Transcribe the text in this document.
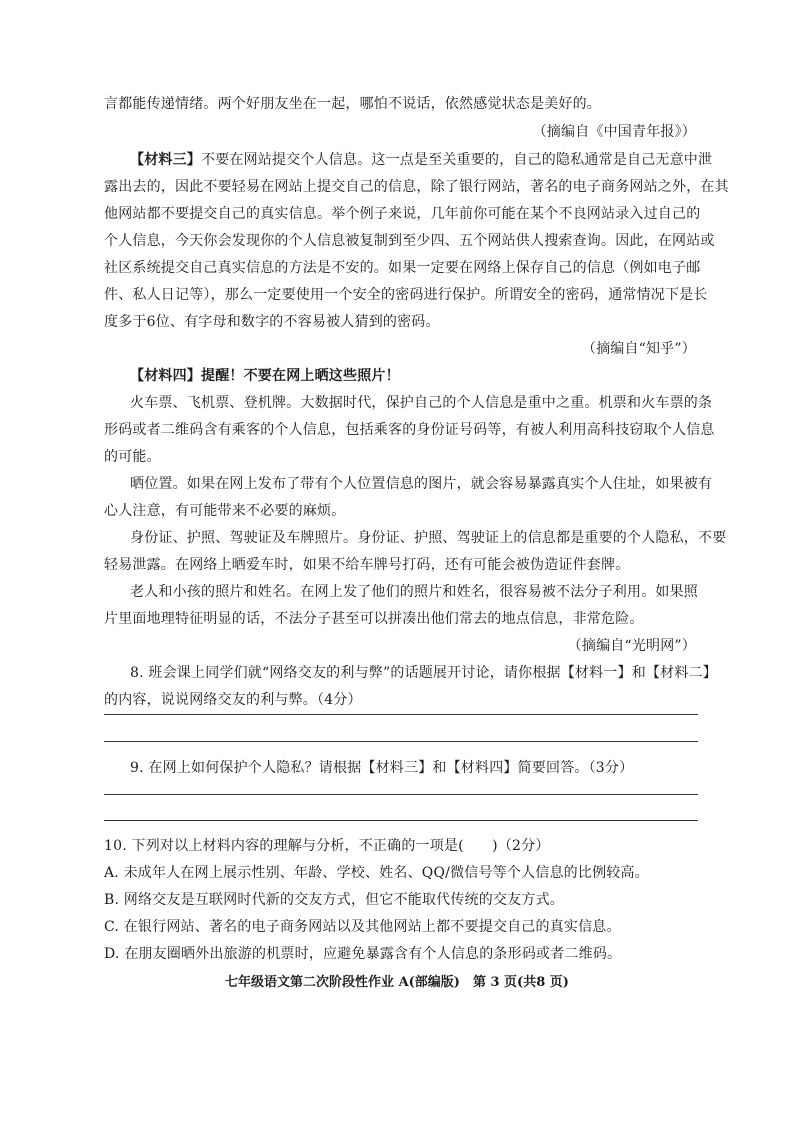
言都能传递情绪。两个好朋友坐在一起，哪怕不说话，依然感觉状态是美好的。
（摘编自《中国青年报》）
【材料三】不要在网站提交个人信息。这一点是至关重要的，自己的隐私通常是自己无意中泄
露出去的，因此不要轻易在网站上提交自己的信息，除了银行网站，著名的电子商务网站之外，在其
他网站都不要提交自己的真实信息。举个例子来说，几年前你可能在某个不良网站录入过自己的
个人信息，今天你会发现你的个人信息被复制到至少四、五个网站供人搜索查询。因此，在网站或
社区系统提交自己真实信息的方法是不安的。如果一定要在网络上保存自己的信息（例如电子邮
件、私人日记等），那么一定要使用一个安全的密码进行保护。所谓安全的密码，通常情况下是长
度多于6位、有字母和数字的不容易被人猜到的密码。
（摘编自“知乎”）
【材料四】提醒！不要在网上晒这些照片！
火车票、飞机票、登机牌。大数据时代，保护自己的个人信息是重中之重。机票和火车票的条
形码或者二维码含有乘客的个人信息，包括乘客的身份证号码等，有被人利用高科技窃取个人信息
的可能。
晒位置。如果在网上发布了带有个人位置信息的图片，就会容易暴露真实个人住址，如果被有
心人注意，有可能带来不必要的麻烦。
身份证、护照、驾驶证及车牌照片。身份证、护照、驾驶证上的信息都是重要的个人隐私，不要
轻易泄露。在网络上晒爱车时，如果不给车牌号打码，还有可能会被伪造证件套牌。
老人和小孩的照片和姓名。在网上发了他们的照片和姓名，很容易被不法分子利用。如果照
片里面地理特征明显的话，不法分子甚至可以拼凑出他们常去的地点信息，非常危险。
（摘编自“光明网”）
8. 班会课上同学们就“网络交友的利与弊”的话题展开讨论，请你根据【材料一】和【材料二】
的内容，说说网络交友的利与弊。（4分）
9. 在网上如何保护个人隐私？请根据【材料三】和【材料四】简要回答。（3分）
10. 下列对以上材料内容的理解与分析，不正确的一项是(　　)（2分）
A. 未成年人在网上展示性别、年龄、学校、姓名、QQ/微信号等个人信息的比例较高。
B. 网络交友是互联网时代新的交友方式，但它不能取代传统的交友方式。
C. 在银行网站、著名的电子商务网站以及其他网站上都不要提交自己的真实信息。
D. 在朋友圈晒外出旅游的机票时，应避免暴露含有个人信息的条形码或者二维码。
七年级语文第二次阶段性作业 A(部编版)　第 3 页(共8 页)
